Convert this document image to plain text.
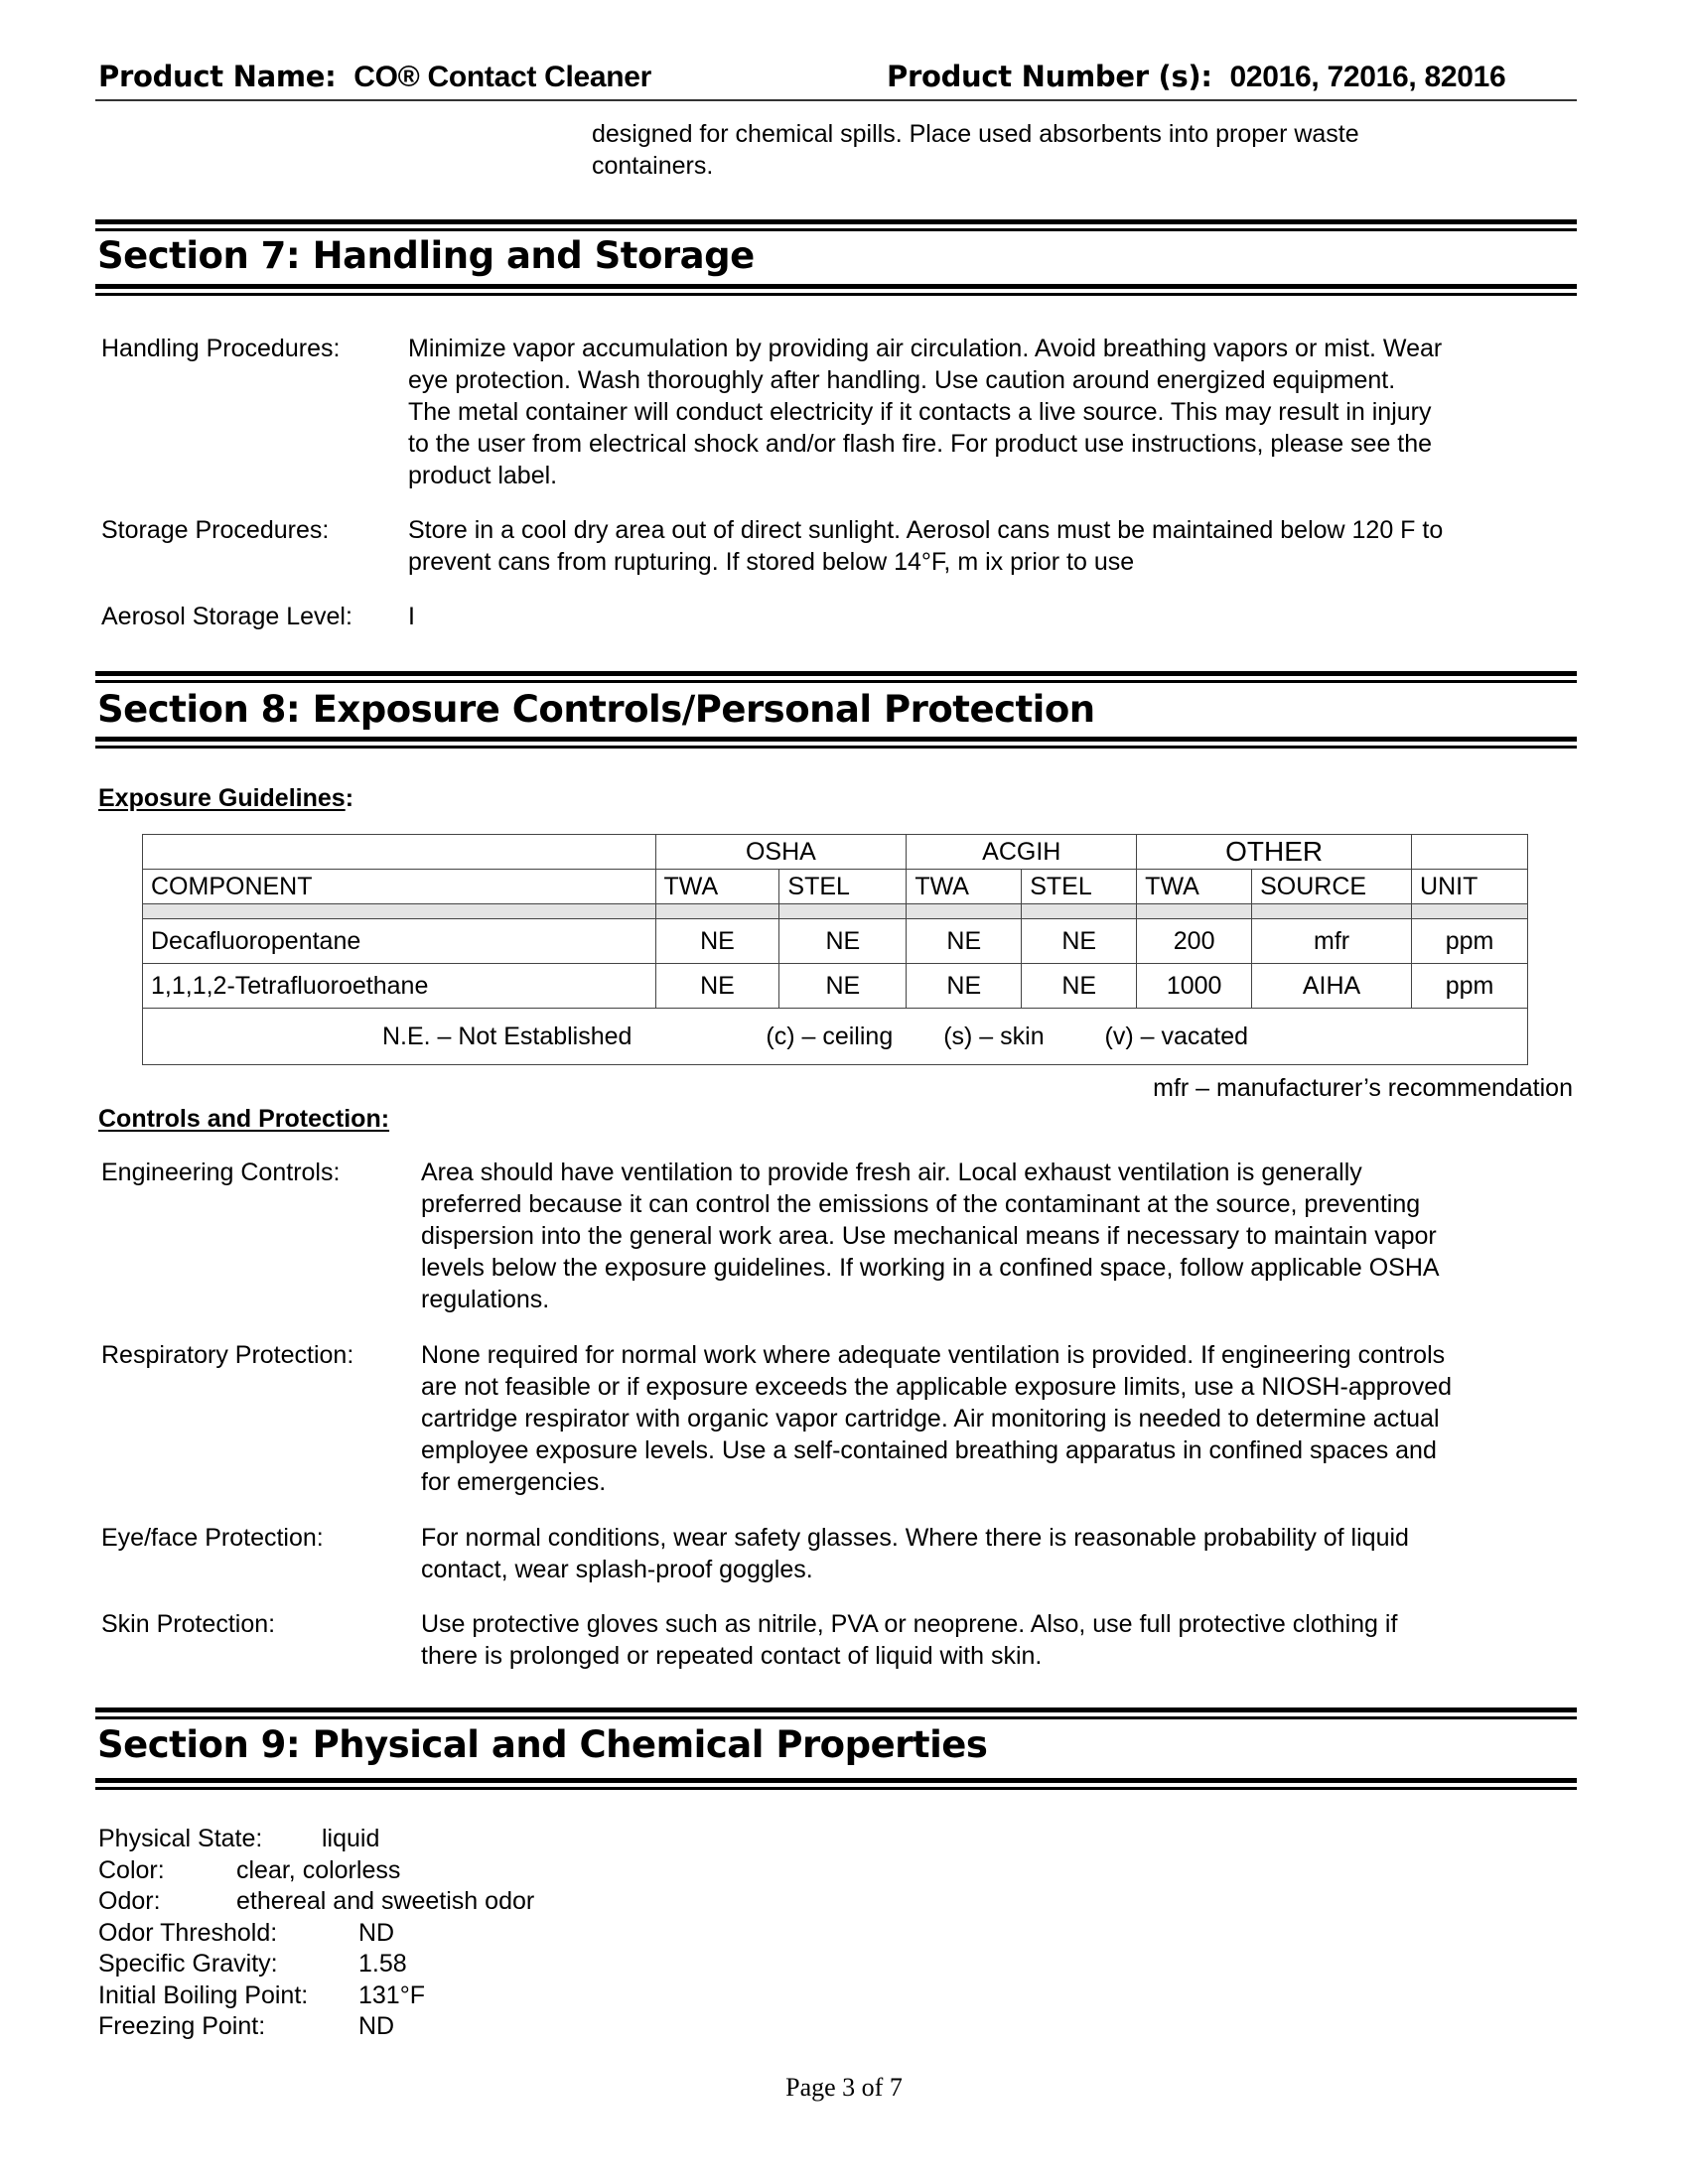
Product Name: CO® Contact Cleaner	Product Number (s): 02016, 72016, 82016
designed for chemical spills. Place used absorbents into proper waste
containers.
Section 7: Handling and Storage
Handling Procedures:	Minimize vapor accumulation by providing air circulation. Avoid breathing vapors or mist. Wear
eye protection. Wash thoroughly after handling. Use caution around energized equipment.
The metal container will conduct electricity if it contacts a live source. This may result in injury
to the user from electrical shock and/or flash fire. For product use instructions, please see the
product label.
Storage Procedures:	Store in a cool dry area out of direct sunlight. Aerosol cans must be maintained below 120 F to
prevent cans from rupturing. If stored below 14°F, m ix prior to use
Aerosol Storage Level: I
Section 8: Exposure Controls/Personal Protection
Exposure Guidelines:
	OSHA		ACGIH		OTHER		
COMPONENT	TWA	STEL	TWA	STEL	TWA	SOURCE	UNIT

Decafluoropentane	NE	NE	NE	NE	200	mfr	ppm
1,1,1,2-Tetrafluoroethane	NE	NE	NE	NE	1000	AIHA	ppm
N.E. – Not Established (c) – ceiling (s) – skin (v) – vacated							
mfr – manufacturer’s recommendation
Controls and Protection:
Engineering Controls:	Area should have ventilation to provide fresh air. Local exhaust ventilation is generally
preferred because it can control the emissions of the contaminant at the source, preventing
dispersion into the general work area. Use mechanical means if necessary to maintain vapor
levels below the exposure guidelines. If working in a confined space, follow applicable OSHA
regulations.
Respiratory Protection:	None required for normal work where adequate ventilation is provided. If engineering controls
are not feasible or if exposure exceeds the applicable exposure limits, use a NIOSH-approved
cartridge respirator with organic vapor cartridge. Air monitoring is needed to determine actual
employee exposure levels. Use a self-contained breathing apparatus in confined spaces and
for emergencies.
Eye/face Protection:	For normal conditions, wear safety glasses. Where there is reasonable probability of liquid
contact, wear splash-proof goggles.
Skin Protection:	Use protective gloves such as nitrile, PVA or neoprene. Also, use full protective clothing if
there is prolonged or repeated contact of liquid with skin.
Section 9: Physical and Chemical Properties
Physical State: liquid
Color:	clear, colorless
Odor:	ethereal and sweetish odor
Odor Threshold:	ND
Specific Gravity:	1.58
Initial Boiling Point: 131°F
Freezing Point:	ND
Page 3 of 7
